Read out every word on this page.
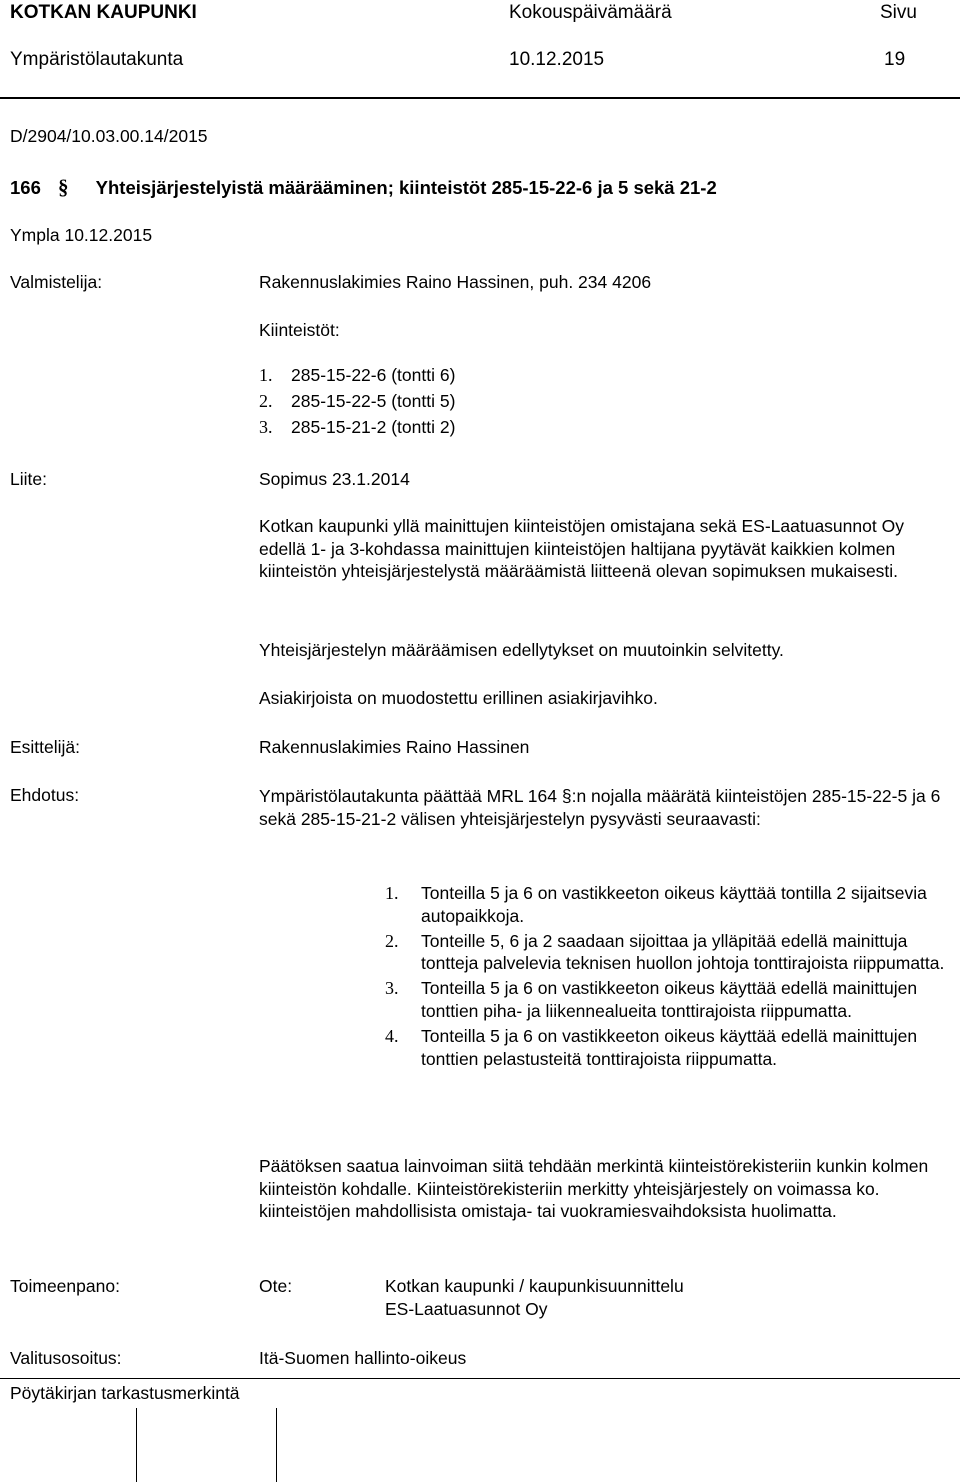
KOTKAN KAUPUNKI	Kokouspäivämäärä	Sivu
Ympäristölautakunta	10.12.2015	19
D/2904/10.03.00.14/2015
166 § Yhteisjärjestelyistä määrääminen; kiinteistöt 285-15-22-6 ja 5 sekä 21-2
Ympla 10.12.2015
Valmistelija:	Rakennuslakimies Raino Hassinen, puh. 234 4206
Kiinteistöt:
1. 285-15-22-6 (tontti 6)
2. 285-15-22-5 (tontti 5)
3. 285-15-21-2 (tontti 2)
Liite:	Sopimus 23.1.2014
Kotkan kaupunki yllä mainittujen kiinteistöjen omistajana sekä ES-Laatuasunnot Oy edellä 1- ja 3-kohdassa mainittujen kiinteistöjen haltijana pyytävät kaikkien kolmen kiinteistön yhteisjärjestelystä määräämistä liitteenä olevan sopimuksen mukaisesti.
Yhteisjärjestelyn määräämisen edellytykset on muutoinkin selvitetty.
Asiakirjoista on muodostettu erillinen asiakirjavihko.
Esittelijä:	Rakennuslakimies Raino Hassinen
Ehdotus:	Ympäristölautakunta päättää MRL 164 §:n nojalla määrätä kiinteistöjen 285-15-22-5 ja 6 sekä 285-15-21-2 välisen yhteisjärjestelyn pysyvästi seuraavasti:
1. Tonteilla 5 ja 6 on vastikkeeton oikeus käyttää tontilla 2 sijaitsevia autopaikkoja.
2. Tonteille 5, 6 ja 2 saadaan sijoittaa ja ylläpitää edellä mainittuja tontteja palvelevia teknisen huollon johtoja tonttirajoista riippumatta.
3. Tonteilla 5 ja 6 on vastikkeeton oikeus käyttää edellä mainittujen tonttien piha- ja liikennealueita tonttirajoista riippumatta.
4. Tonteilla 5 ja 6 on vastikkeeton oikeus käyttää edellä mainittujen tonttien pelastusteitä tonttirajoista riippumatta.
Päätöksen saatua lainvoiman siitä tehdään merkintä kiinteistörekisteriin kunkin kolmen kiinteistön kohdalle. Kiinteistörekisteriin merkitty yhteisjärjestely on voimassa ko. kiinteistöjen mahdollisista omistaja- tai vuokramiesvaihdoksista huolimatta.
Toimeenpano:	Ote:	Kotkan kaupunki / kaupunkisuunnittelu
ES-Laatuasunnot Oy
Valitusosoitus:	Itä-Suomen hallinto-oikeus
Pöytäkirjan tarkastusmerkintä
